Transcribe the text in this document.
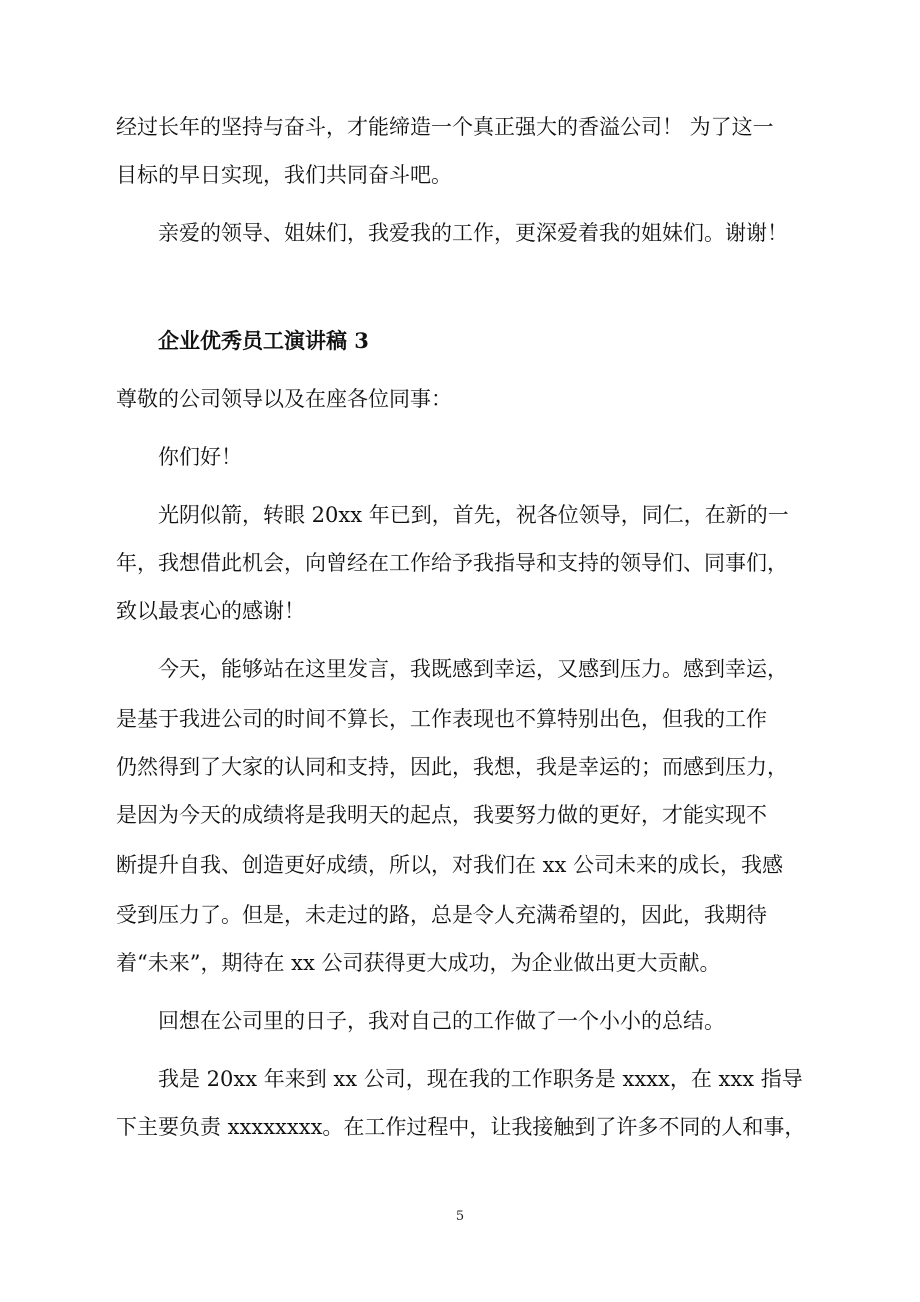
经过长年的坚持与奋斗，才能缔造一个真正强大的香溢公司！ 为了这一
目标的早日实现，我们共同奋斗吧。
亲爱的领导、姐妹们，我爱我的工作，更深爱着我的姐妹们。谢谢！
企业优秀员工演讲稿 3
尊敬的公司领导以及在座各位同事：
你们好！
光阴似箭，转眼 20xx 年已到，首先，祝各位领导，同仁，在新的一
年，我想借此机会，向曾经在工作给予我指导和支持的领导们、同事们，
致以最衷心的感谢！
今天，能够站在这里发言，我既感到幸运，又感到压力。感到幸运，
是基于我进公司的时间不算长，工作表现也不算特别出色，但我的工作
仍然得到了大家的认同和支持，因此，我想，我是幸运的；而感到压力，
是因为今天的成绩将是我明天的起点，我要努力做的更好，才能实现不
断提升自我、创造更好成绩，所以，对我们在 xx 公司未来的成长，我感
受到压力了。但是，未走过的路，总是令人充满希望的，因此，我期待
着“未来”，期待在 xx 公司获得更大成功，为企业做出更大贡献。
回想在公司里的日子，我对自己的工作做了一个小小的总结。
我是 20xx 年来到 xx 公司，现在我的工作职务是 xxxx，在 xxx 指导
下主要负责 xxxxxxxx。在工作过程中，让我接触到了许多不同的人和事，
5
